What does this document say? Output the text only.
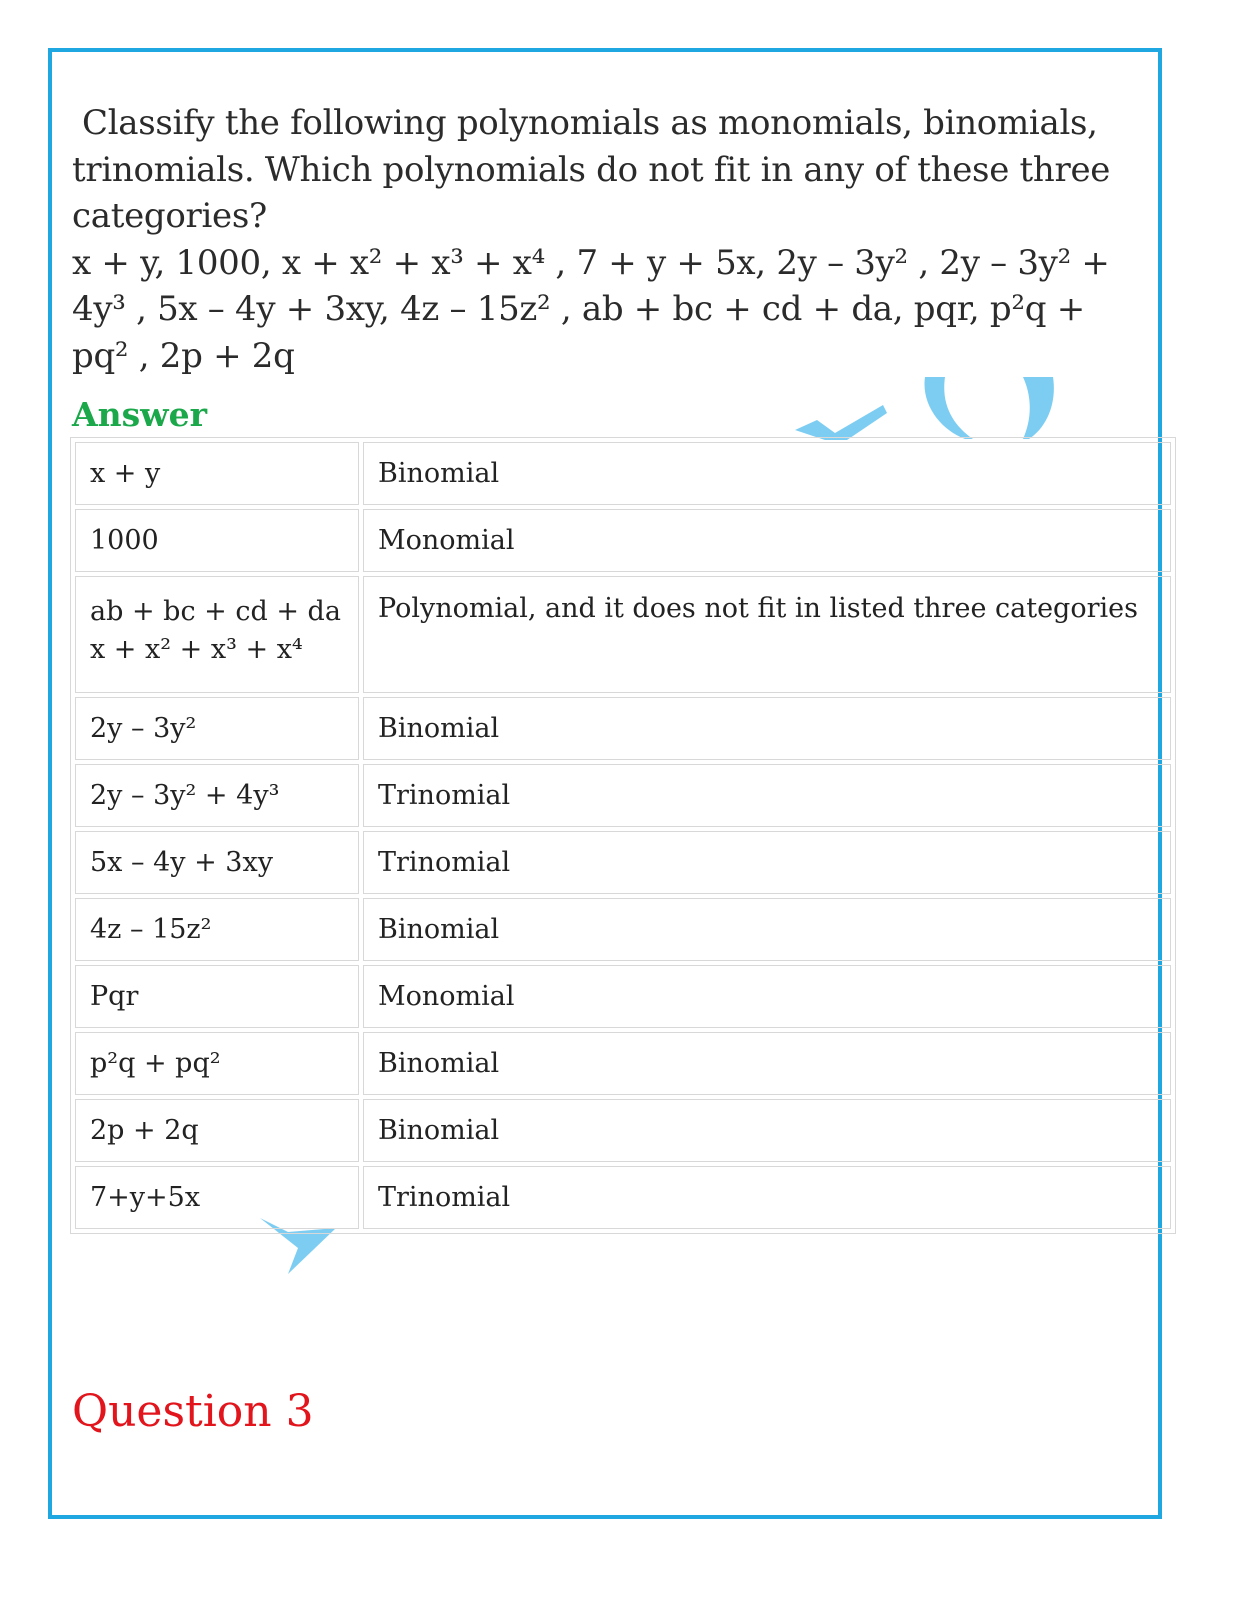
Classify the following polynomials as monomials, binomials, trinomials. Which polynomials do not fit in any of these three categories?

x + y, 1000, x + x² + x³ + x⁴ , 7 + y + 5x, 2y – 3y² , 2y – 3y² + 4y³ , 5x – 4y + 3xy, 4z – 15z² , ab + bc + cd + da, pqr, p²q + pq² , 2p + 2q

Answer
x + y	Binomial

1000	Monomial

ab + bc + cd + da
x + x² + x³ + x⁴	Polynomial, and it does not fit in listed three categories

2y – 3y²	Binomial

2y – 3y² + 4y³	Trinomial

5x – 4y + 3xy	Trinomial

4z – 15z²	Binomial

Pqr	Monomial

p²q + pq²	Binomial

2p + 2q	Binomial

7+y+5x	Trinomial
Question 3
